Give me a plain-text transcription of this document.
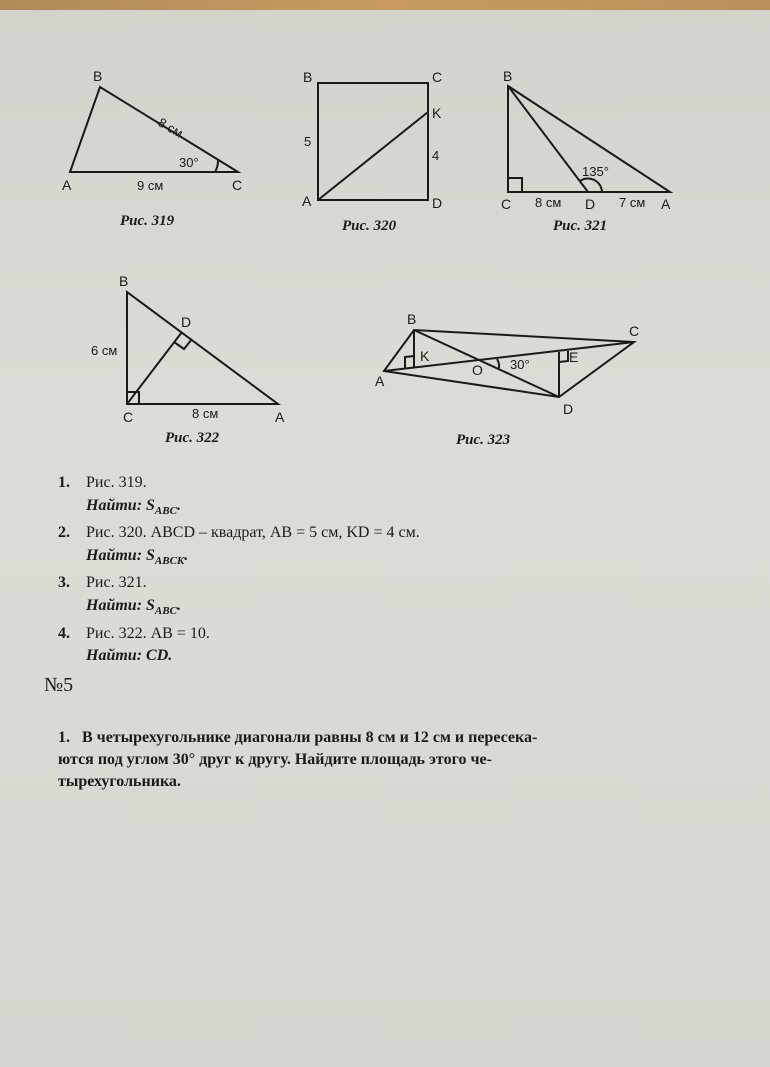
B
A	C
8 см
30°
9 см
Рис. 319
B	C
K
A	D
5
4
Рис. 320
B
C	D	A
135°
8 см	7 см
Рис. 321
B
D
C	A
6 см
8 см
Рис. 322
B
C
A
D
O
K	E
30°
Рис. 323
1. Рис. 319.
Найти: $S_{ABC}$.
2. Рис. 320. ABCD – квадрат, AB = 5 см, KD = 4 см.
Найти: $S_{ABCK}$.
3. Рис. 321.
Найти: $S_{ABC}$.
4. Рис. 322. AB = 10.
Найти: CD.
№5
1. В четырехугольнике диагонали равны 8 см и 12 см и пересека-
ются под углом 30° друг к другу. Найдите площадь этого че-
тырехугольника.
